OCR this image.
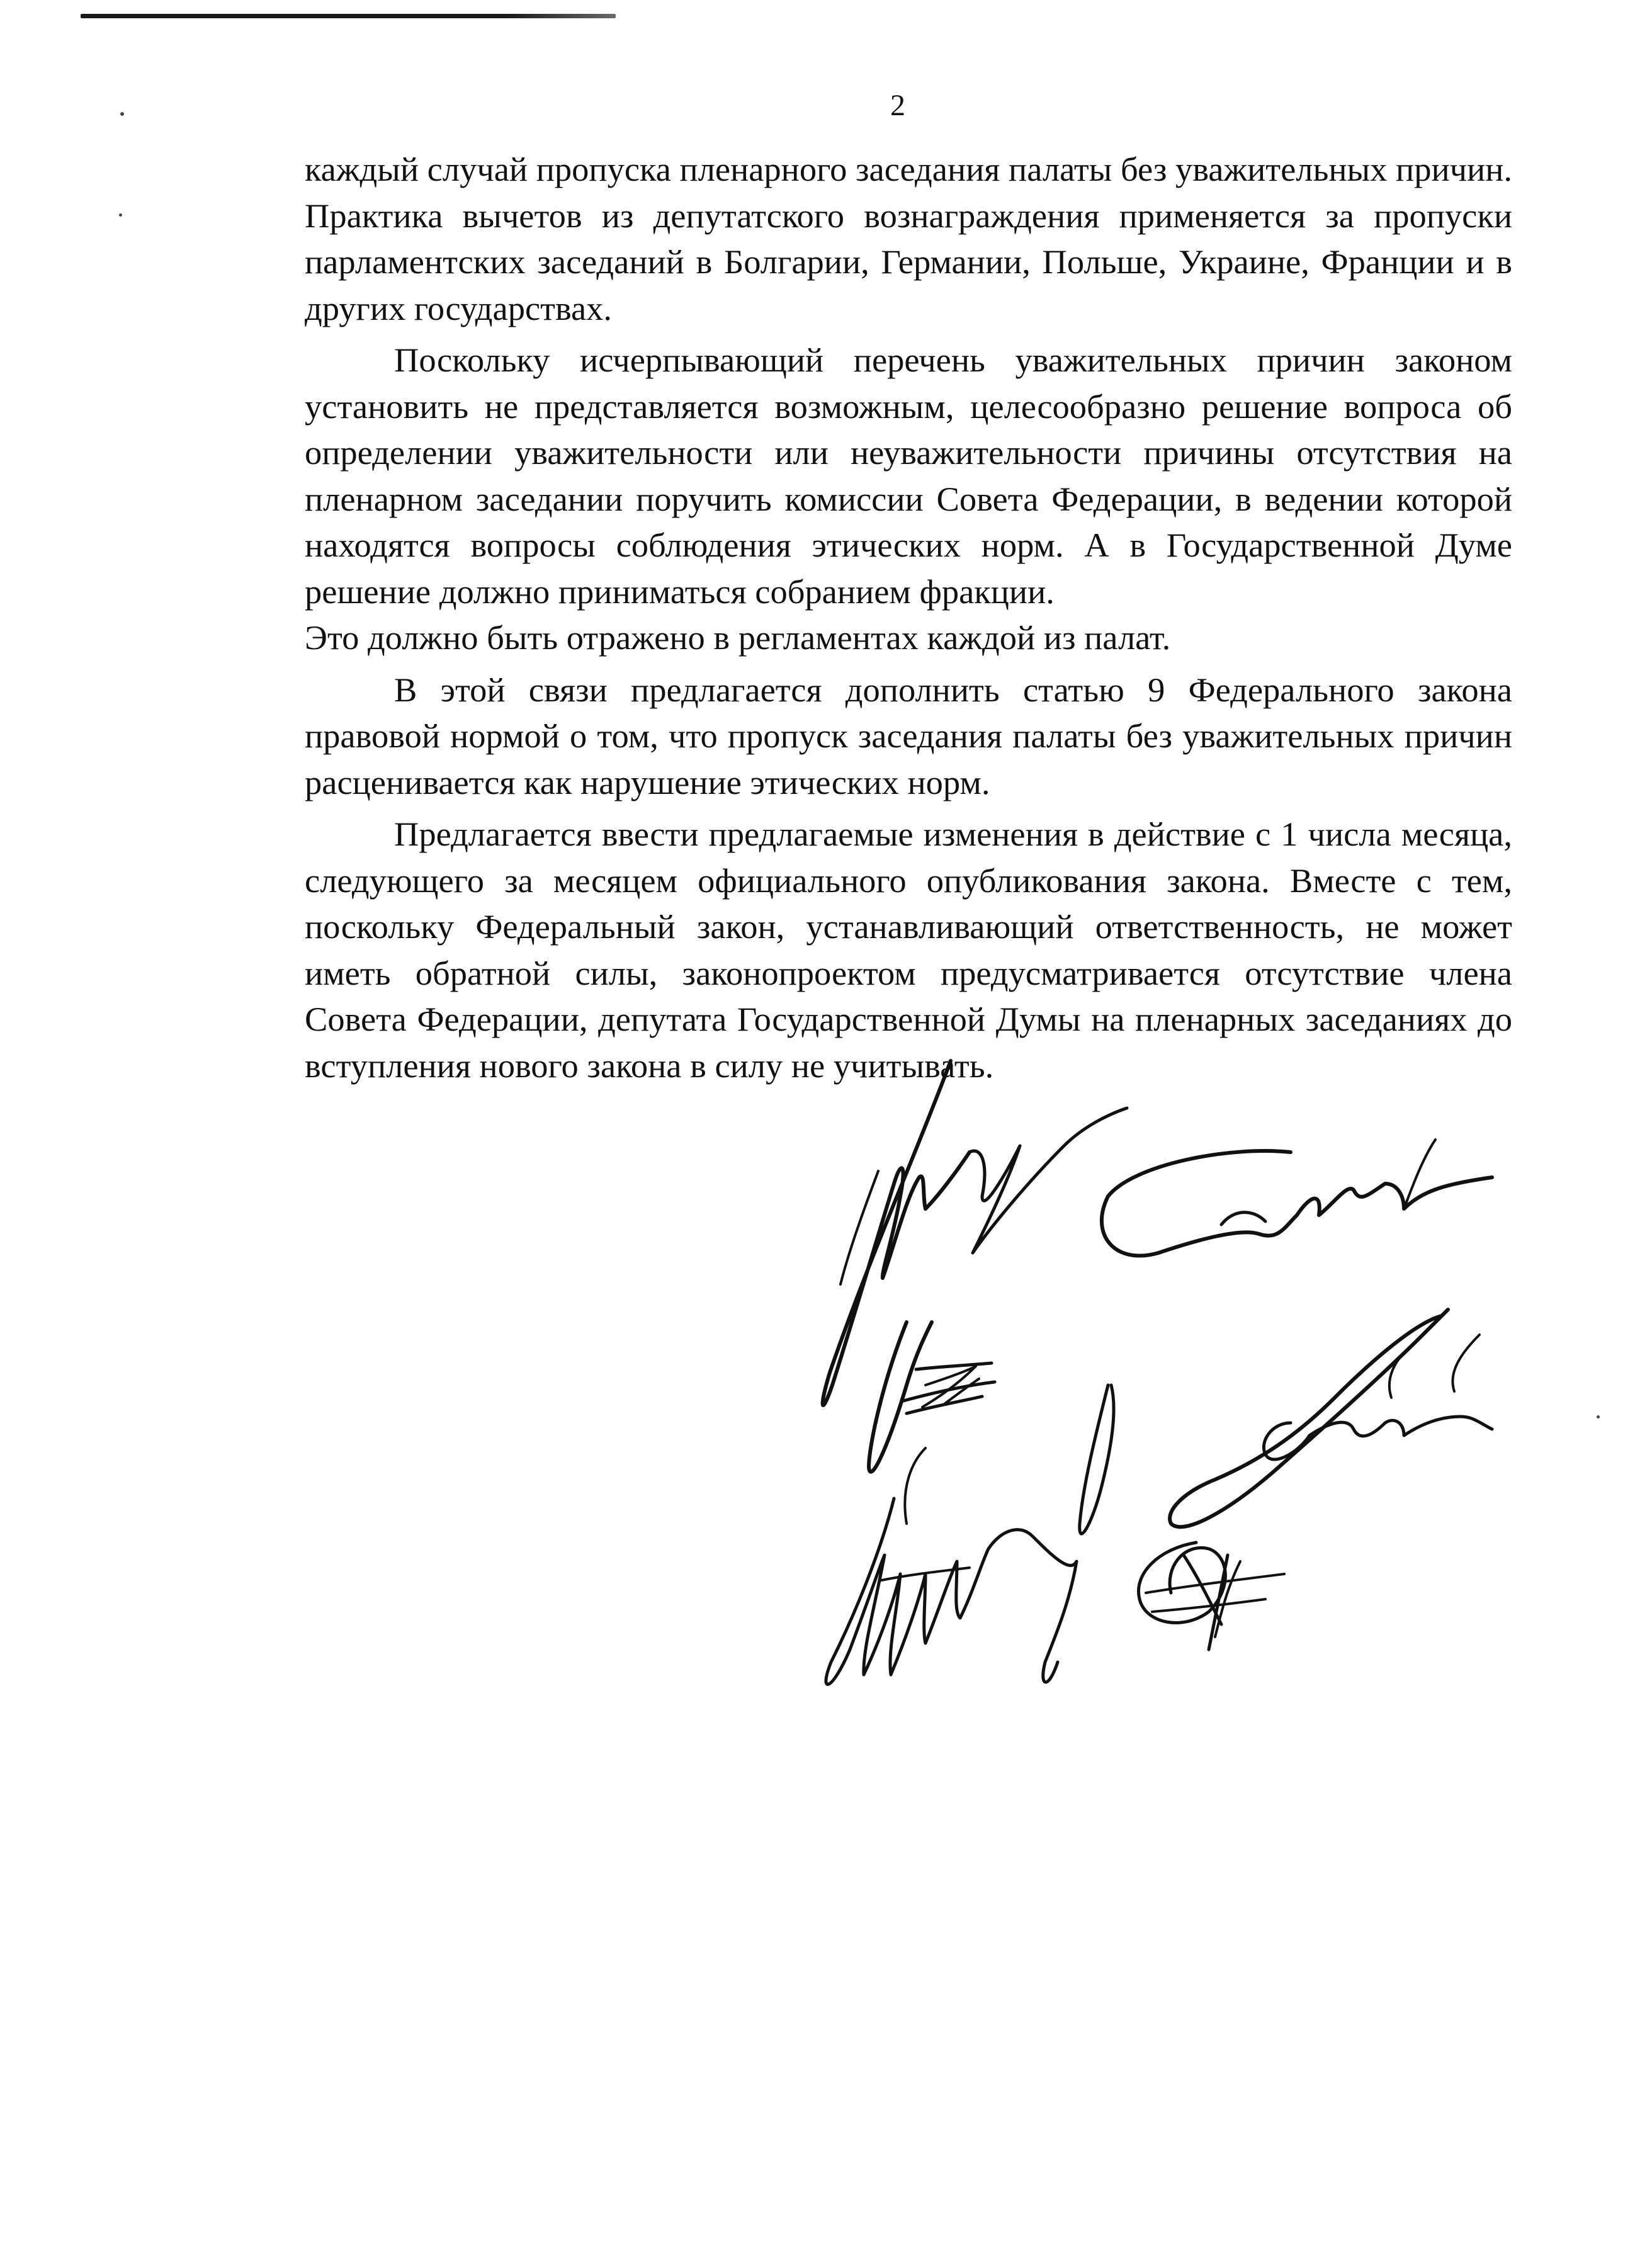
2

каждый случай пропуска пленарного заседания палаты без уважительных причин. Практика вычетов из депутатского вознаграждения применяется за пропуски парламентских заседаний в Болгарии, Германии, Польше, Украине, Франции и в других государствах.

Поскольку исчерпывающий перечень уважительных причин законом установить не представляется возможным, целесообразно решение вопроса об определении уважительности или неуважительности причины отсутствия на пленарном заседании поручить комиссии Совета Федерации, в ведении которой находятся вопросы соблюдения этических норм. А в Государственной Думе решение должно приниматься собранием фракции.

Это должно быть отражено в регламентах каждой из палат.

В этой связи предлагается дополнить статью 9 Федерального закона правовой нормой о том, что пропуск заседания палаты без уважительных причин расценивается как нарушение этических норм.

Предлагается ввести предлагаемые изменения в действие с 1 числа месяца, следующего за месяцем официального опубликования закона. Вместе с тем, поскольку Федеральный закон, устанавливающий ответственность, не может иметь обратной силы, законопроектом предусматривается отсутствие члена Совета Федерации, депутата Государственной Думы на пленарных заседаниях до вступления нового закона в силу не учитывать.
